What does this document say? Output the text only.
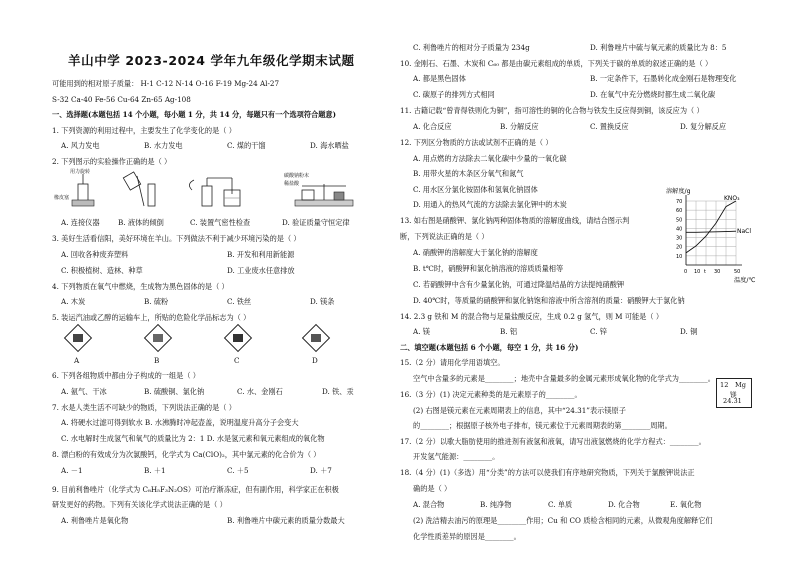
羊山中学 2023-2024 学年九年级化学期末试题
可能用到的相对原子质量： H-1 C-12 N-14 O-16 F-19 Mg-24 Al-27
S-32 Ca-40 Fe-56 Cu-64 Zn-65 Ag-108
一、选择题(本题包括 14 个小题，每小题 1 分，共 14 分，每题只有一个选项符合题意)
1. 下列资源的利用过程中，主要发生了化学变化的是（ ）
A. 风力发电	B. 水力发电	C. 煤的干馏	D. 海水晒盐
2. 下列图示的实验操作正确的是（ ）
用力旋转
橡皮塞
碳酸钠粉末
稀盐酸
A. 连接仪器	B. 液体的倾倒	C. 装置气密性检查	D. 验证质量守恒定律
3. 美好生活看信阳，美好环境在羊山。下列做法不利于减少环境污染的是（ ）
A. 回收各种废弃塑料	B. 开发和利用新能源
C. 积极植树、造林、种草	D. 工业废水任意排放
4. 下列物质在氧气中燃烧，生成物为黑色固体的是（ ）
A. 木炭	B. 硫粉	C. 铁丝	D. 镁条
5. 装运汽油或乙醇的运输车上，所贴的危险化学品标志为（ ）
A	B	C	D
6. 下列各组物质中都由分子构成的一组是（ ）
A. 氨气、干冰	B. 硫酸铜、氯化钠	C. 水、金刚石	D. 铁、汞
7. 水是人类生活不可缺少的物质，下列说法正确的是（ ）
A. 将硬水过滤可得到软水 B. 水沸腾时冲起壶盖，说明温度升高分子会变大
C. 水电解时生成氢气和氧气的质量比为 2：1 D. 水是氢元素和氧元素组成的氧化物
8. 漂白粉的有效成分为次氯酸钙，化学式为 Ca(ClO)₂，其中氯元素的化合价为（ ）
A. －1	B. ＋1	C. ＋5	D. ＋7
9. 目前利鲁唑片（化学式为 C₈H₅F₃N₂OS）可治疗渐冻症，但有副作用，科学家正在积极
研发更好的药物。下列有关该化学式说法正确的是（ ）
A. 利鲁唑片是氧化物	B. 利鲁唑片中碳元素的质量分数最大
C. 利鲁唑片的相对分子质量为 234g	D. 利鲁唑片中硫与氧元素的质量比为 8：5
10. 金刚石、石墨、木炭和 C₆₀ 都是由碳元素组成的单质，下列关于碳的单质的叙述正确的是（ ）
A. 都是黑色固体	B. 一定条件下，石墨转化成金刚石是物理变化
C. 碳原子的排列方式相同	D. 在氧气中充分燃烧时都生成二氧化碳
11. 古籍记载“曾青得铁则化为铜”，指可溶性的铜的化合物与铁发生反应得到铜，该反应为（ ）
A. 化合反应	B. 分解反应	C. 置换反应	D. 复分解反应
12. 下列区分物质的方法或试剂不正确的是（ ）
A. 用点燃的方法除去二氧化碳中少量的一氧化碳
B. 用带火星的木条区分氧气和氮气
C. 用水区分氯化铵固体和氢氧化钠固体
D. 用通入的热风气流的方法除去氯化钾中的木炭
13. 如右图是硝酸钾、氯化钠两种固体物质的溶解度曲线，请结合图示判
断，下列说法正确的是（ ）
A. 硝酸钾的溶解度大于氯化钠的溶解度
B. t℃时，硝酸钾和氯化钠溶液的溶质质量相等
C. 若硝酸钾中含有少量氯化钠，可通过降温结晶的方法提纯硝酸钾
D. 40℃时，等质量的硝酸钾和氯化钠饱和溶液中所含溶剂的质量：硝酸钾大于氯化钠
溶解度/g
温度/℃
KNO₃
NaCl
70
60
50
40
30
20
10
0 10 t 30	50
14. 2.3 g 铁和 M 的混合物与足量盐酸反应，生成 0.2 g 氢气，则 M 可能是（ ）
A. 镁	B. 铝	C. 锌	D. 铜
二、填空题(本题包括 6 个小题，每空 1 分，共 16 分)
15.（2 分）请用化学用语填空。
空气中含量多的元素是________；地壳中含量最多的金属元素形成氧化物的化学式为________。
16.（3 分）(1) 决定元素种类的是元素原子的________。
(2) 右图是镁元素在元素周期表上的信息，其中“24.31”表示镁原子
的________；根据原子核外电子排布，镁元素位于元素周期表的第________周期。
12 Mg
镁
24.31
17.（2 分）以歌大脂肪使用的推进剂有液氢和液氧，请写出液氢燃烧的化学方程式：________。
开发氢气能源：________。
18.（4 分）(1)（多选）用“分类”的方法可以使我们有序地研究物质，下列关于氯酸钾说法正
确的是（ ）
A. 混合物	B. 纯净物	C. 单质	D. 化合物	E. 氧化物
(2) 洗洁精去油污的原理是________作用；Cu 和 CO 质检含相同的元素，从微观角度解释它们
化学性质差异的原因是________。
